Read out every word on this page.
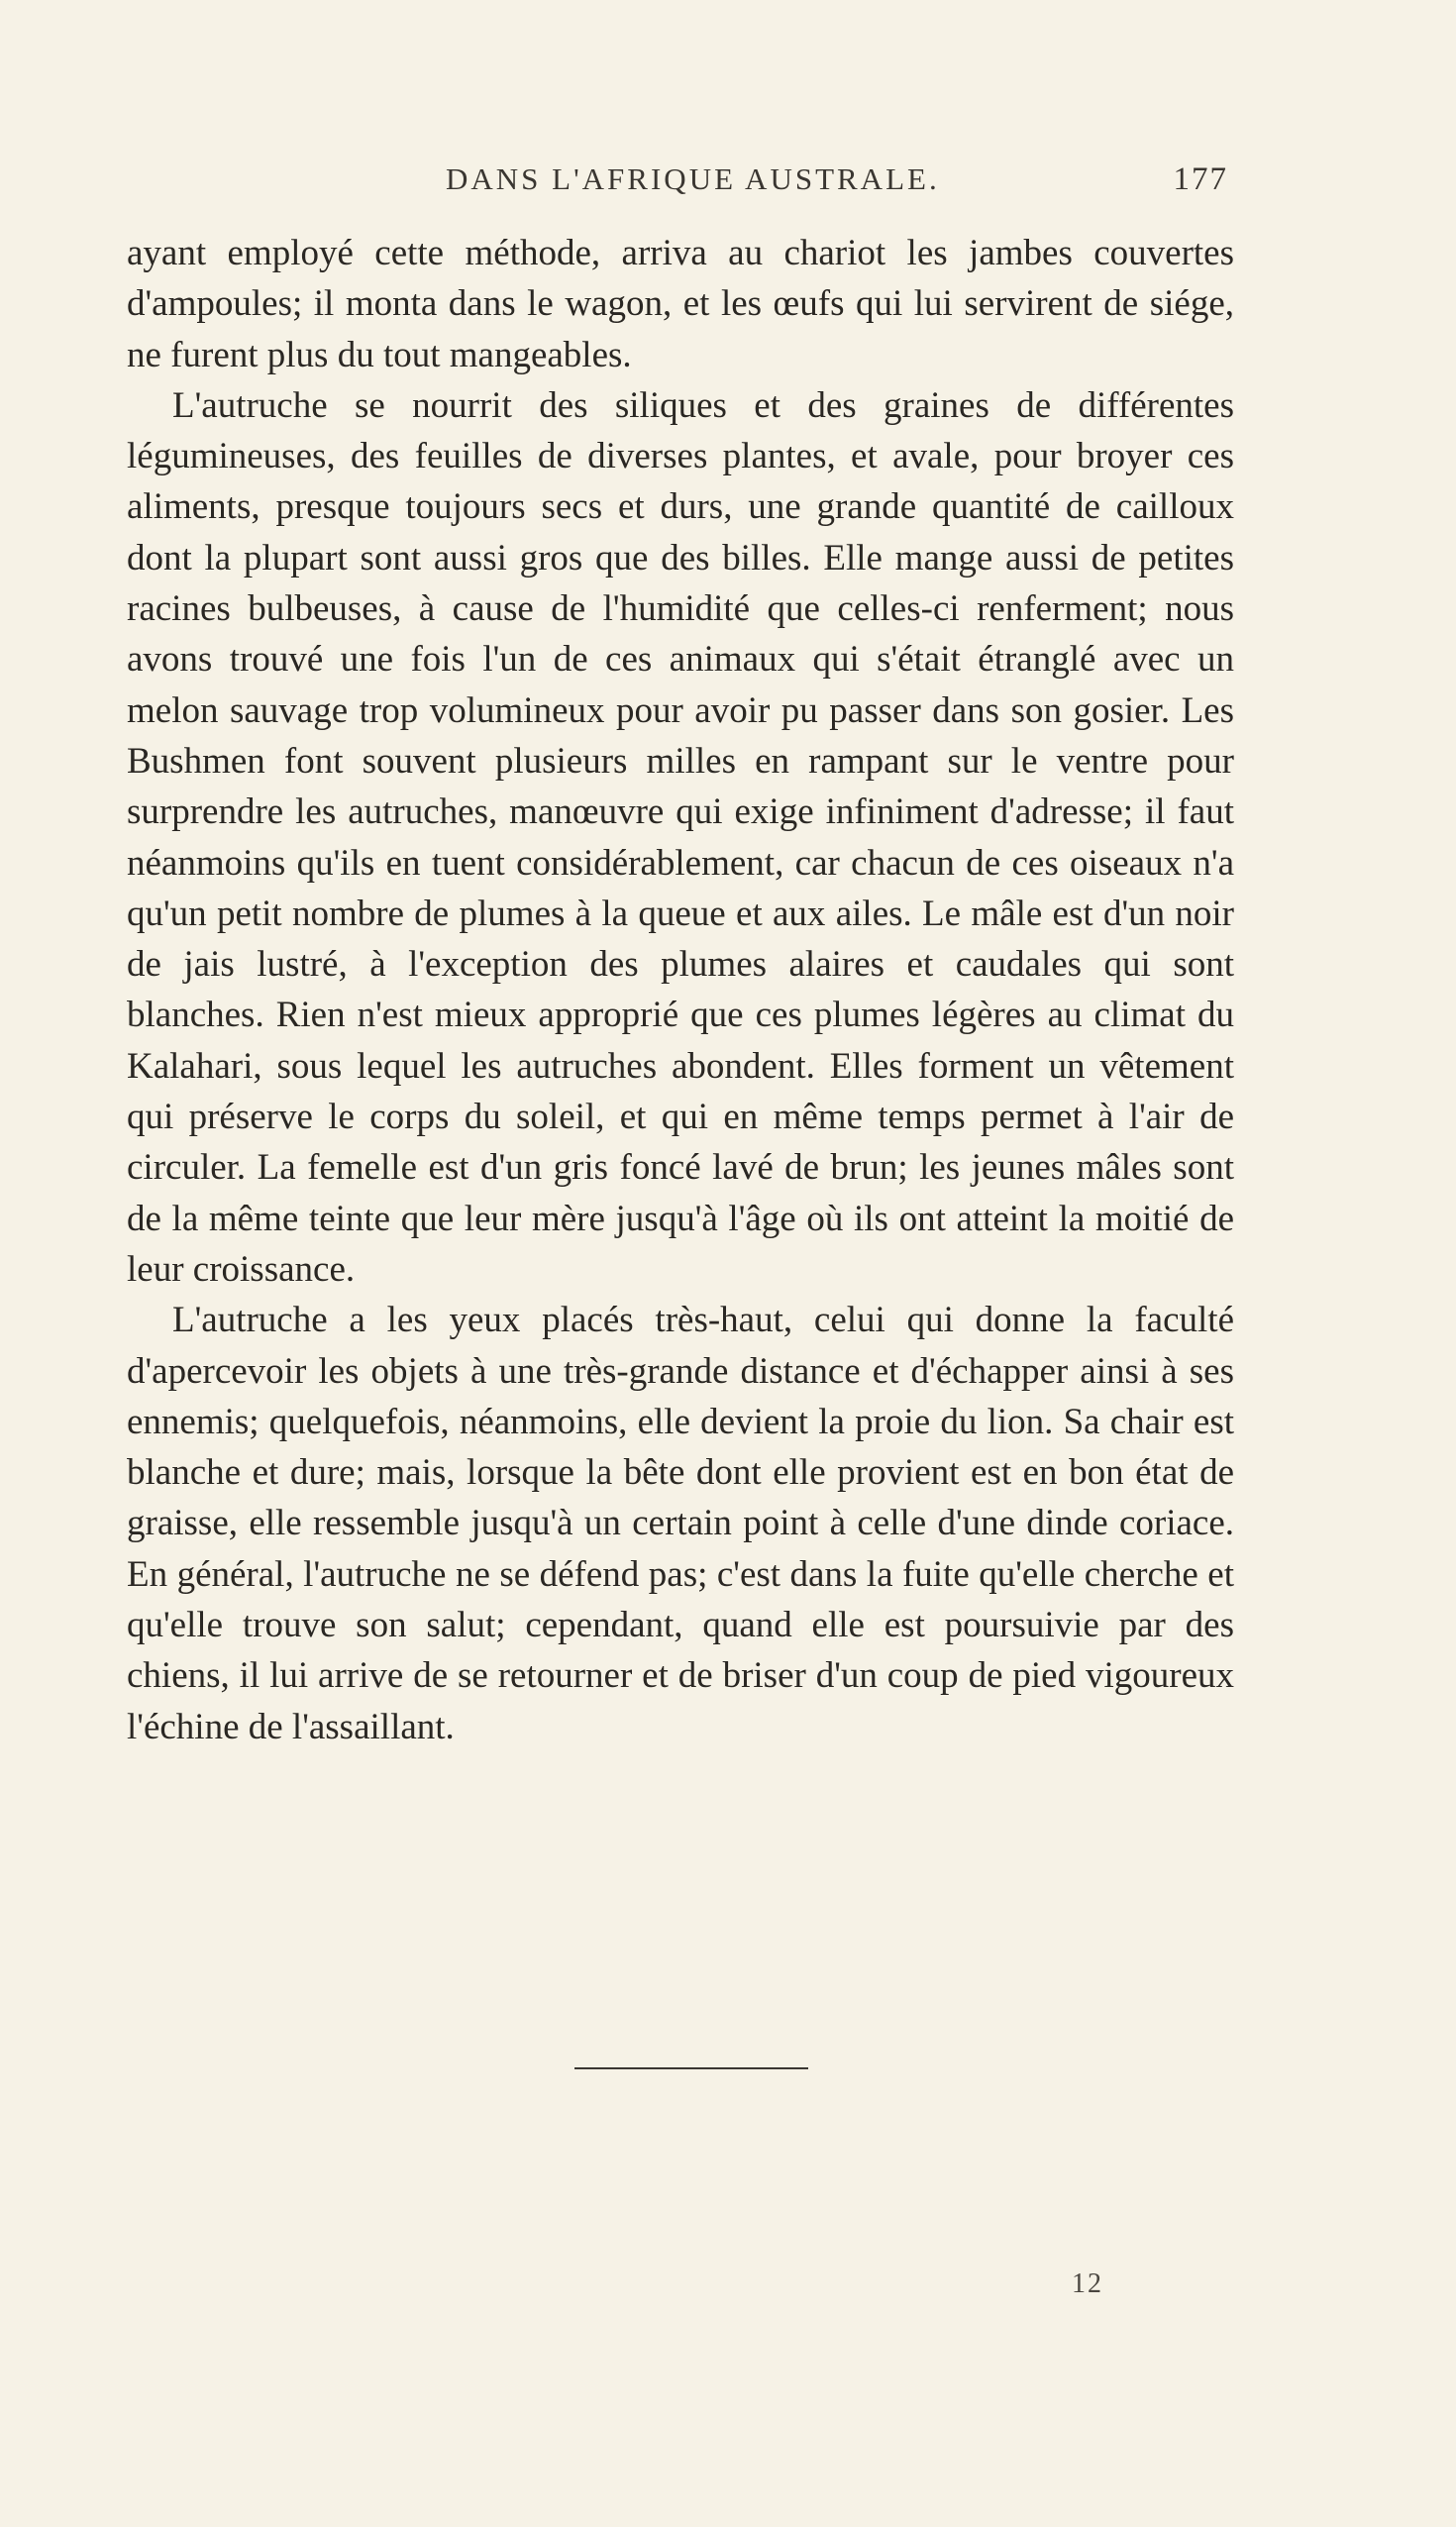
DANS L'AFRIQUE AUSTRALE.	177

ayant employé cette méthode, arriva au chariot les jambes couvertes d'ampoules; il monta dans le wagon, et les œufs qui lui servirent de siége, ne furent plus du tout mangeables.

L'autruche se nourrit des siliques et des graines de différentes légumineuses, des feuilles de diverses plantes, et avale, pour broyer ces aliments, presque toujours secs et durs, une grande quantité de cailloux dont la plupart sont aussi gros que des billes. Elle mange aussi de petites racines bulbeuses, à cause de l'humidité que celles-ci renferment; nous avons trouvé une fois l'un de ces animaux qui s'était étranglé avec un melon sauvage trop volumineux pour avoir pu passer dans son gosier. Les Bushmen font souvent plusieurs milles en rampant sur le ventre pour surprendre les autruches, manœuvre qui exige infiniment d'adresse; il faut néanmoins qu'ils en tuent considérablement, car chacun de ces oiseaux n'a qu'un petit nombre de plumes à la queue et aux ailes. Le mâle est d'un noir de jais lustré, à l'exception des plumes alaires et caudales qui sont blanches. Rien n'est mieux approprié que ces plumes légères au climat du Kalahari, sous lequel les autruches abondent. Elles forment un vêtement qui préserve le corps du soleil, et qui en même temps permet à l'air de circuler. La femelle est d'un gris foncé lavé de brun; les jeunes mâles sont de la même teinte que leur mère jusqu'à l'âge où ils ont atteint la moitié de leur croissance.

L'autruche a les yeux placés très-haut, celui qui donne la faculté d'apercevoir les objets à une très-grande distance et d'échapper ainsi à ses ennemis; quelquefois, néanmoins, elle devient la proie du lion. Sa chair est blanche et dure; mais, lorsque la bête dont elle provient est en bon état de graisse, elle ressemble jusqu'à un certain point à celle d'une dinde coriace. En général, l'autruche ne se défend pas; c'est dans la fuite qu'elle cherche et qu'elle trouve son salut; cependant, quand elle est poursuivie par des chiens, il lui arrive de se retourner et de briser d'un coup de pied vigoureux l'échine de l'assaillant.

12
